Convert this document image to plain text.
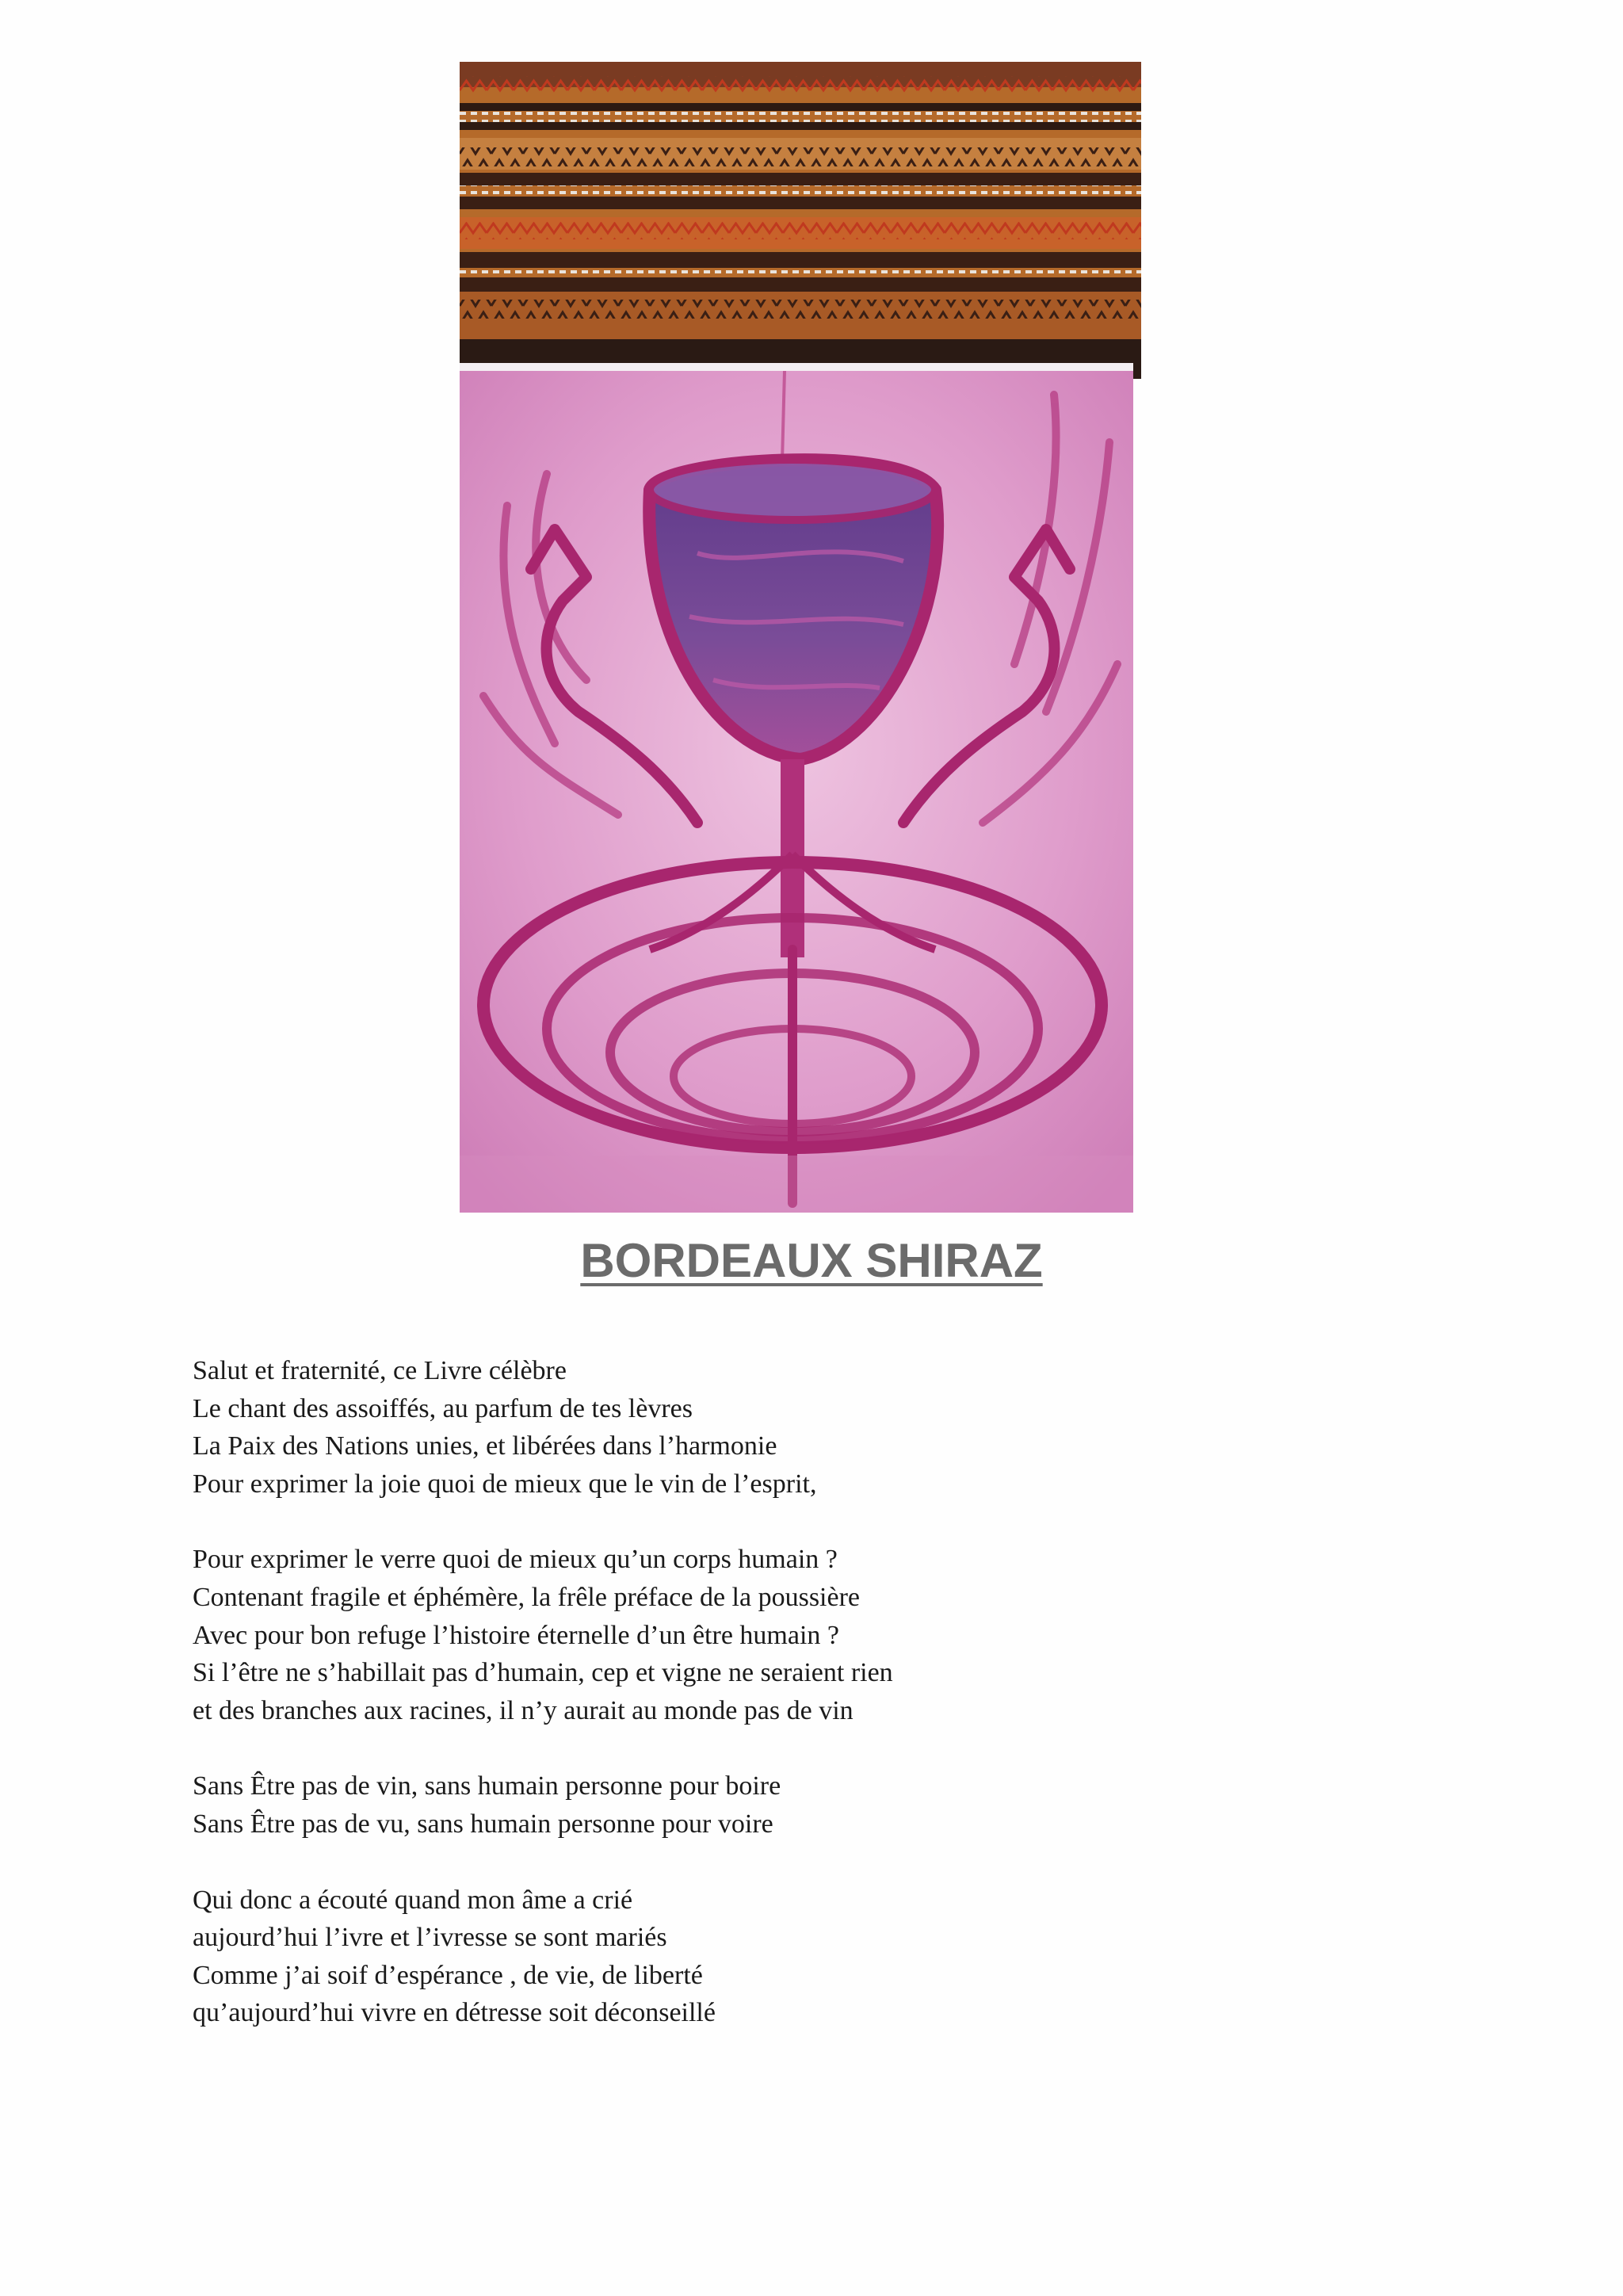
BORDEAUX SHIRAZ
Salut et fraternité, ce Livre célèbre
Le chant des assoiffés, au parfum de tes lèvres
La Paix des Nations unies, et libérées dans l’harmonie
Pour exprimer la joie quoi de mieux que le vin de l’esprit,
Pour exprimer le verre quoi de mieux qu’un corps humain ?
Contenant fragile et éphémère, la frêle préface de la poussière
Avec pour bon refuge l’histoire éternelle d’un être humain ?
Si l’être ne s’habillait pas d’humain, cep et vigne ne seraient rien
et des branches aux racines, il n’y aurait au monde pas de vin
Sans Être pas de vin, sans humain personne pour boire
Sans Être pas de vu, sans humain personne pour voire
Qui donc a écouté quand mon âme a crié
aujourd’hui l’ivre et l’ivresse se sont mariés
Comme j’ai soif d’espérance , de vie, de liberté
qu’aujourd’hui vivre en détresse soit déconseillé
